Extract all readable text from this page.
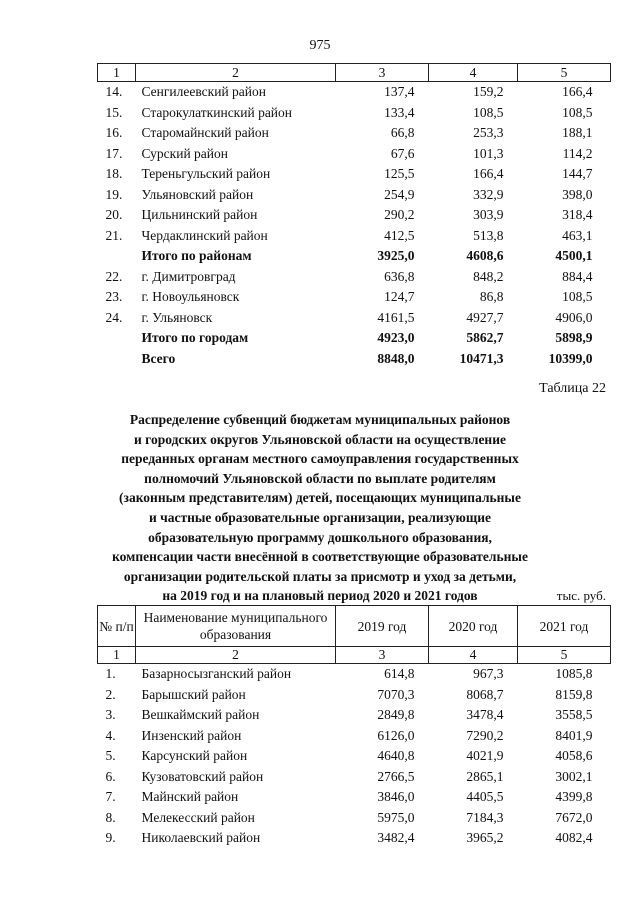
975
1	2	3	4	5
14.	Сенгилеевский район	137,4	159,2	166,4
15.	Старокулаткинский район	133,4	108,5	108,5
16.	Старомайнский район	66,8	253,3	188,1
17.	Сурский район	67,6	101,3	114,2
18.	Тереньгульский район	125,5	166,4	144,7
19.	Ульяновский район	254,9	332,9	398,0
20.	Цильнинский район	290,2	303,9	318,4
21.	Чердаклинский район	412,5	513,8	463,1
	Итого по районам	3925,0	4608,6	4500,1
22.	г. Димитровград	636,8	848,2	884,4
23.	г. Новоульяновск	124,7	86,8	108,5
24.	г. Ульяновск	4161,5	4927,7	4906,0
	Итого по городам	4923,0	5862,7	5898,9
	Всего	8848,0	10471,3	10399,0
Таблица 22
Распределение субвенций бюджетам муниципальных районов
и городских округов Ульяновской области на осуществление
переданных органам местного самоуправления государственных
полномочий Ульяновской области по выплате родителям
(законным представителям) детей, посещающих муниципальные
и частные образовательные организации, реализующие
образовательную программу дошкольного образования,
компенсации части внесённой в соответствующие образовательные
организации родительской платы за присмотр и уход за детьми,
на 2019 год и на плановый период 2020 и 2021 годов	тыс. руб.
№ п/п	Наименование муниципального образования	2019 год	2020 год	2021 год
1	2	3	4	5
1.	Базарносызганский район	614,8	967,3	1085,8
2.	Барышский район	7070,3	8068,7	8159,8
3.	Вешкаймский район	2849,8	3478,4	3558,5
4.	Инзенский район	6126,0	7290,2	8401,9
5.	Карсунский район	4640,8	4021,9	4058,6
6.	Кузоватовский район	2766,5	2865,1	3002,1
7.	Майнский район	3846,0	4405,5	4399,8
8.	Мелекесский район	5975,0	7184,3	7672,0
9.	Николаевский район	3482,4	3965,2	4082,4
